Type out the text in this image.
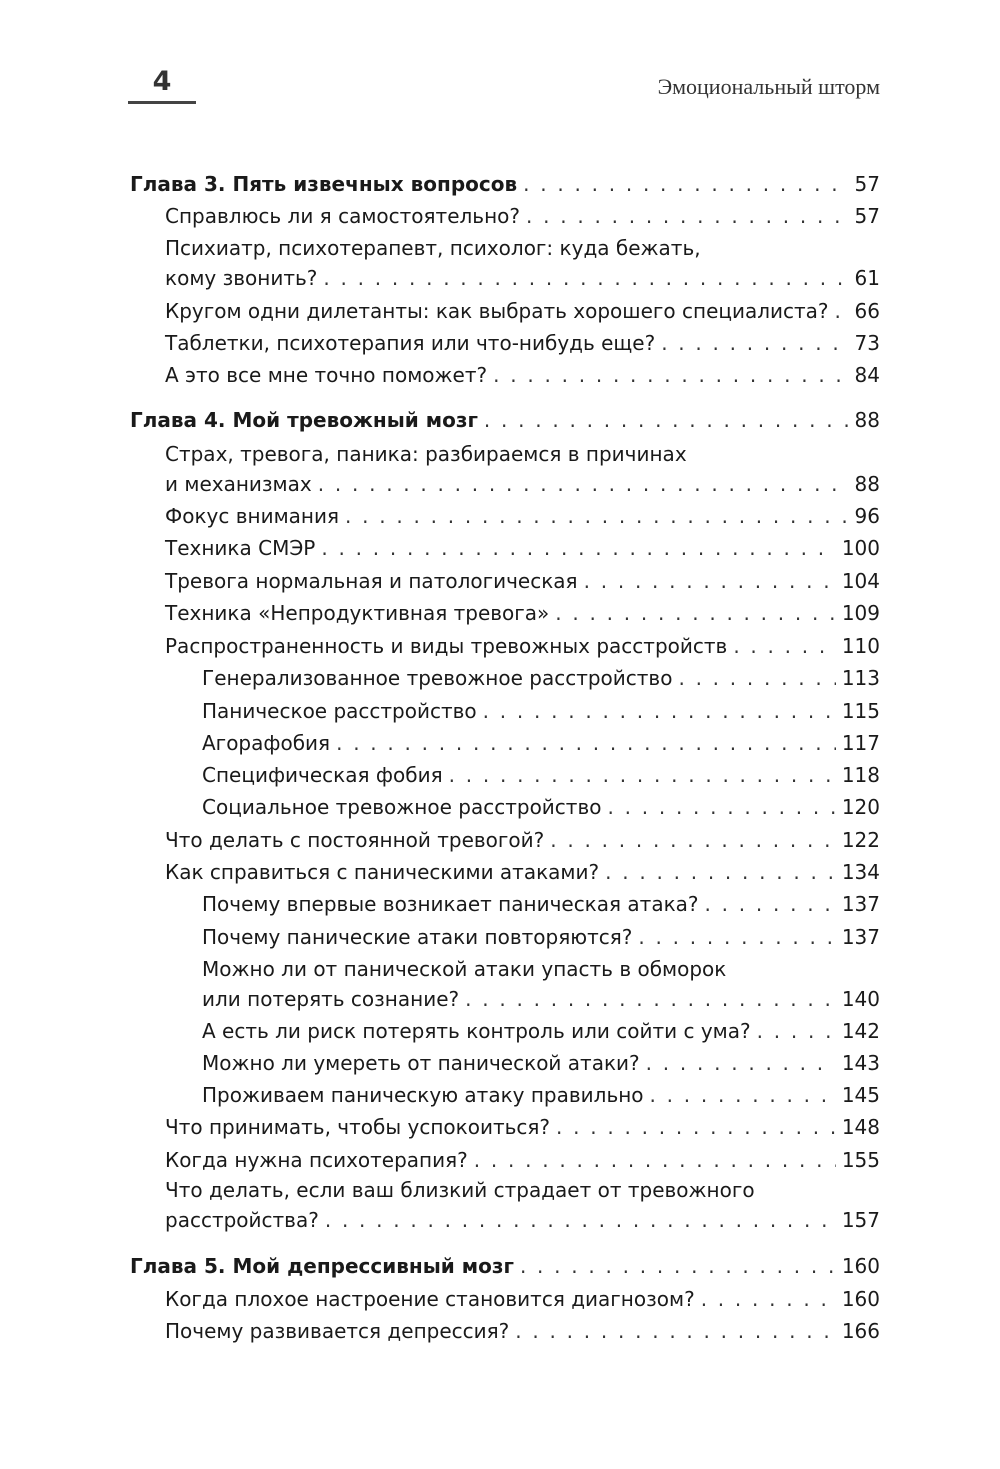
4	Эмоциональный шторм
Глава 3. Пять извечных вопросов . . .	57
Справлюсь ли я самостоятельно? . . .	57
Психиатр, психотерапевт, психолог: куда бежать,
кому звонить? . . .	61
Кругом одни дилетанты: как выбрать хорошего специалиста? . . . 66
Таблетки, психотерапия или что-нибудь еще? . . .	73
А это все мне точно поможет? . . .	84
Глава 4. Мой тревожный мозг . . .	88
Страх, тревога, паника: разбираемся в причинах
и механизмах . . .	88
Фокус внимания . . .	96
Техника СМЭР . . .	100
Тревога нормальная и патологическая . . .	104
Техника «Непродуктивная тревога» . . .	109
Распространенность и виды тревожных расстройств . . .	110
Генерализованное тревожное расстройство . . .	113
Паническое расстройство . . .	115
Агорафобия . . .	117
Специфическая фобия . . .	118
Социальное тревожное расстройство . . .	120
Что делать с постоянной тревогой? . . .	122
Как справиться с паническими атаками? . . .	134
Почему впервые возникает паническая атака? . . .	137
Почему панические атаки повторяются? . . .	137
Можно ли от панической атаки упасть в обморок
или потерять сознание? . . .	140
А есть ли риск потерять контроль или сойти с ума? . . .	142
Можно ли умереть от панической атаки? . . .	143
Проживаем паническую атаку правильно . . .	145
Что принимать, чтобы успокоиться? . . .	148
Когда нужна психотерапия? . . .	155
Что делать, если ваш близкий страдает от тревожного
расстройства? . . .	157
Глава 5. Мой депрессивный мозг . . .	160
Когда плохое настроение становится диагнозом? . . .	160
Почему развивается депрессия? . . .	166
